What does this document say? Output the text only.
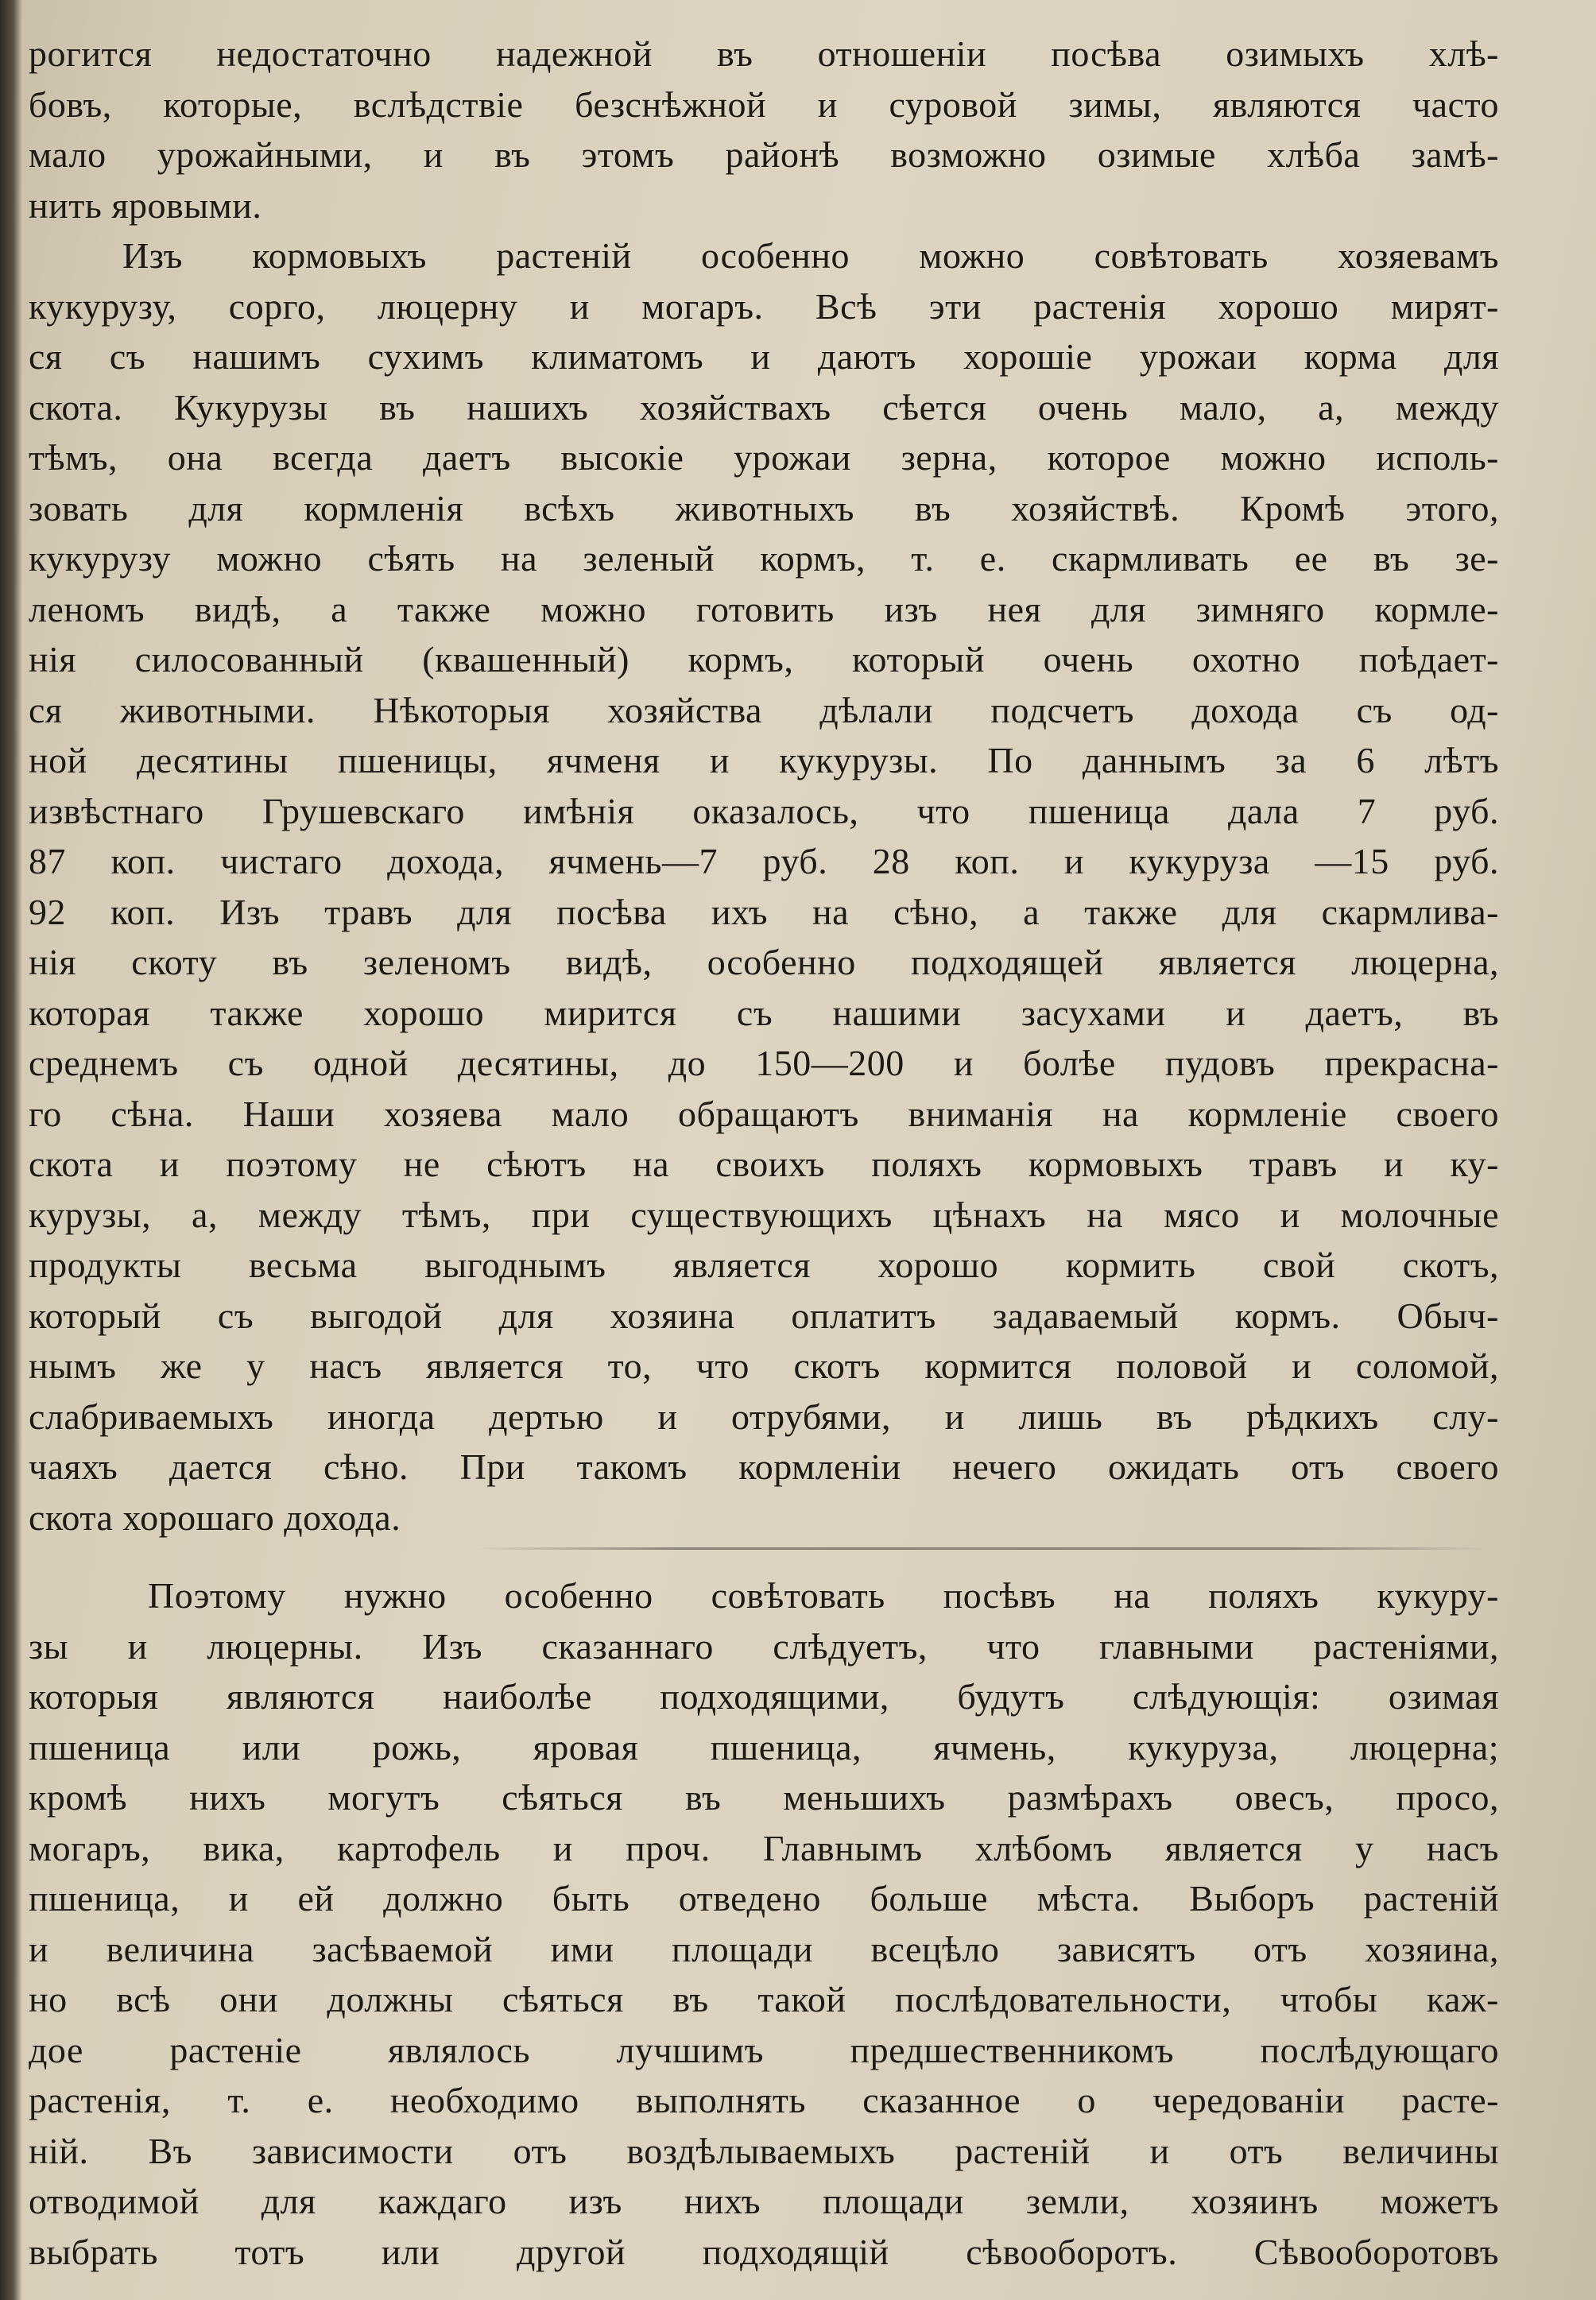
рогится недостаточно надежной въ отношенiи посѣва озимыхъ хлѣ-
бовъ, которые, вслѣдствiе безснѣжной и суровой зимы, являются часто
мало урожайными, и въ этомъ районѣ возможно озимые хлѣба замѣ-
нить яровыми.
Изъ кормовыхъ растенiй особенно можно совѣтовать хозяевамъ
кукурузу, сорго, люцерну и могаръ. Всѣ эти растенiя хорошо мирят-
ся съ нашимъ сухимъ климатомъ и даютъ хорошiе урожаи корма для
скота. Кукурузы въ нашихъ хозяйствахъ сѣется очень мало, а, между
тѣмъ, она всегда даетъ высокiе урожаи зерна, которое можно исполь-
зовать для кормленiя всѣхъ животныхъ въ хозяйствѣ. Кромѣ этого,
кукурузу можно сѣять на зеленый кормъ, т. е. скармливать ее въ зе-
леномъ видѣ, а также можно готовить изъ нея для зимняго кормле-
нiя силосованный (квашенный) кормъ, который очень охотно поѣдает-
ся животными. Нѣкоторыя хозяйства дѣлали подсчетъ дохода съ од-
ной десятины пшеницы, ячменя и кукурузы. По даннымъ за 6 лѣтъ
извѣстнаго Грушевскаго имѣнiя оказалось, что пшеница дала 7 руб.
87 коп. чистаго дохода, ячмень—7 руб. 28 коп. и кукуруза —15 руб.
92 коп. Изъ травъ для посѣва ихъ на сѣно, а также для скармлива-
нiя скоту въ зеленомъ видѣ, особенно подходящей является люцерна,
которая также хорошо мирится съ нашими засухами и даетъ, въ
среднемъ съ одной десятины, до 150—200 и болѣе пудовъ прекрасна-
го сѣна. Наши хозяева мало обращаютъ вниманiя на кормленiе своего
скота и поэтому не сѣютъ на своихъ поляхъ кормовыхъ травъ и ку-
курузы, а, между тѣмъ, при существующихъ цѣнахъ на мясо и молочные
продукты весьма выгоднымъ является хорошо кормить свой скотъ,
который съ выгодой для хозяина оплатитъ задаваемый кормъ. Обыч-
нымъ же у насъ является то, что скотъ кормится половой и соломой,
слабриваемыхъ иногда дертью и отрубями, и лишь въ рѣдкихъ слу-
чаяхъ дается сѣно. При такомъ кормленiи нечего ожидать отъ своего
скота хорошаго дохода.
Поэтому нужно особенно совѣтовать посѣвъ на поляхъ кукуру-
зы и люцерны. Изъ сказаннаго слѣдуетъ, что главными растенiями,
которыя являются наиболѣе подходящими, будутъ слѣдующiя: озимая
пшеница или рожь, яровая пшеница, ячмень, кукуруза, люцерна;
кромѣ нихъ могутъ сѣяться въ меньшихъ размѣрахъ овесъ, просо,
могаръ, вика, картофель и проч. Главнымъ хлѣбомъ является у насъ
пшеница, и ей должно быть отведено больше мѣста. Выборъ растенiй
и величина засѣваемой ими площади всецѣло зависятъ отъ хозяина,
но всѣ они должны сѣяться въ такой послѣдовательности, чтобы каж-
дое растенiе являлось лучшимъ предшественникомъ послѣдующаго
растенiя, т. е. необходимо выполнять сказанное о чередованiи расте-
нiй. Въ зависимости отъ воздѣлываемыхъ растенiй и отъ величины
отводимой для каждаго изъ нихъ площади земли, хозяинъ можетъ
выбрать тотъ или другой подходящiй сѣвооборотъ. Сѣвооборотовъ
